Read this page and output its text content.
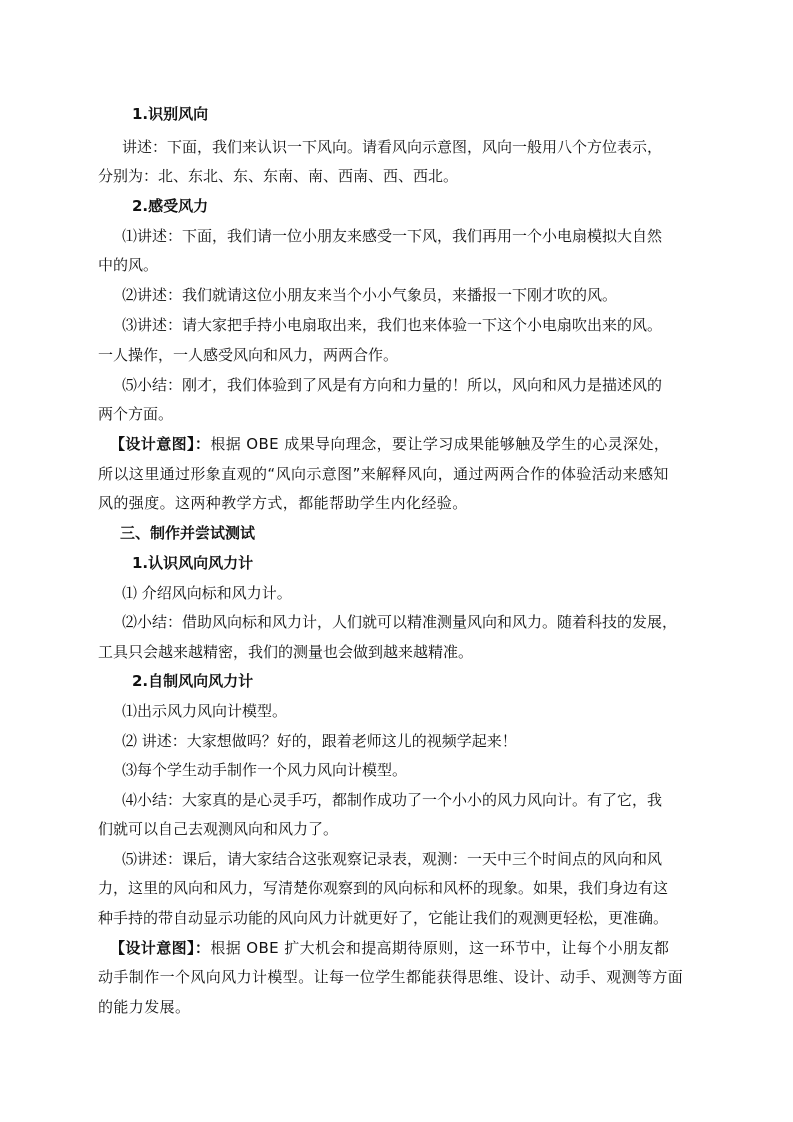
1.识别风向
讲述：下面，我们来认识一下风向。请看风向示意图，风向一般用八个方位表示，
分别为：北、东北、东、东南、南、西南、西、西北。
2.感受风力
⑴讲述：下面，我们请一位小朋友来感受一下风，我们再用一个小电扇模拟大自然
中的风。
⑵讲述：我们就请这位小朋友来当个小小气象员，来播报一下刚才吹的风。
⑶讲述：请大家把手持小电扇取出来，我们也来体验一下这个小电扇吹出来的风。
一人操作，一人感受风向和风力，两两合作。
⑸小结：刚才，我们体验到了风是有方向和力量的！所以，风向和风力是描述风的
两个方面。
【设计意图】：根据 OBE 成果导向理念，要让学习成果能够触及学生的心灵深处，
所以这里通过形象直观的“风向示意图”来解释风向，通过两两合作的体验活动来感知
风的强度。这两种教学方式，都能帮助学生内化经验。
三、制作并尝试测试
1.认识风向风力计
⑴ 介绍风向标和风力计。
⑵小结：借助风向标和风力计，人们就可以精准测量风向和风力。随着科技的发展，
工具只会越来越精密，我们的测量也会做到越来越精准。
2.自制风向风力计
⑴出示风力风向计模型。
⑵ 讲述：大家想做吗？好的，跟着老师这儿的视频学起来！
⑶每个学生动手制作一个风力风向计模型。
⑷小结：大家真的是心灵手巧，都制作成功了一个小小的风力风向计。有了它，我
们就可以自己去观测风向和风力了。
⑸讲述：课后，请大家结合这张观察记录表，观测：一天中三个时间点的风向和风
力，这里的风向和风力，写清楚你观察到的风向标和风杯的现象。如果，我们身边有这
种手持的带自动显示功能的风向风力计就更好了，它能让我们的观测更轻松，更准确。
【设计意图】：根据 OBE 扩大机会和提高期待原则，这一环节中，让每个小朋友都
动手制作一个风向风力计模型。让每一位学生都能获得思维、设计、动手、观测等方面
的能力发展。
